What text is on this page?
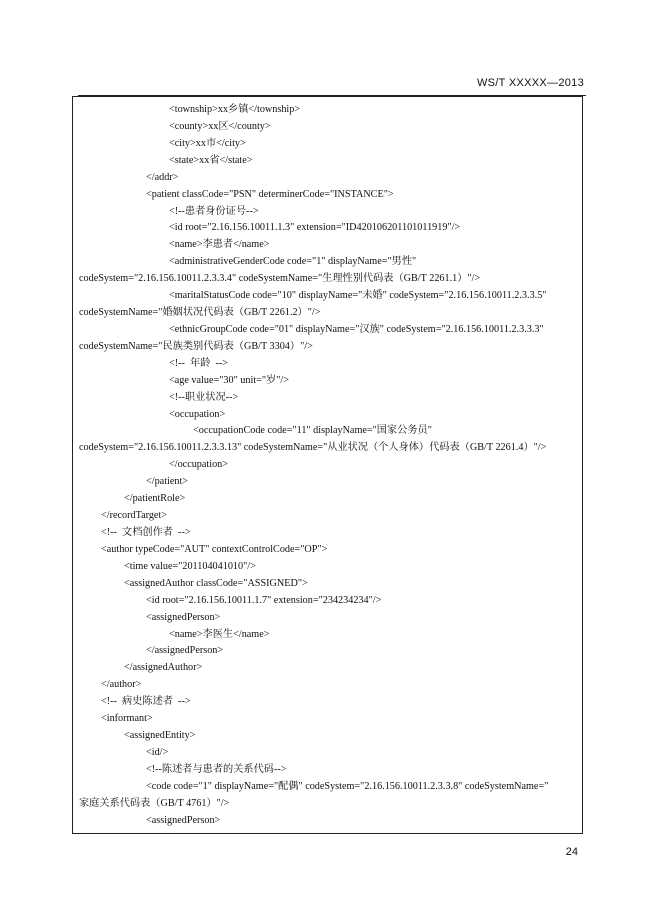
WS/T XXXXX—2013
<township>xx乡镇</township>
<county>xx区</county>
<city>xx市</city>
<state>xx省</state>
</addr>
<patient classCode="PSN" determinerCode="INSTANCE">
<!--患者身份证号-->
<id root="2.16.156.10011.1.3" extension="ID420106201101011919"/>
<name>李患者</name>
<administrativeGenderCode code="1" displayName="男性"
codeSystem="2.16.156.10011.2.3.3.4" codeSystemName="生理性别代码表（GB/T 2261.1）"/>
<maritalStatusCode code="10" displayName="未婚" codeSystem="2.16.156.10011.2.3.3.5"
codeSystemName="婚姻状况代码表（GB/T 2261.2）"/>
<ethnicGroupCode code="01" displayName="汉族" codeSystem="2.16.156.10011.2.3.3.3"
codeSystemName="民族类别代码表（GB/T 3304）"/>
<!--  年龄  -->
<age value="30" unit="岁"/>
<!--职业状况-->
<occupation>
<occupationCode code="11" displayName="国家公务员"
codeSystem="2.16.156.10011.2.3.3.13" codeSystemName="从业状况（个人身体）代码表（GB/T 2261.4）"/>
</occupation>
</patient>
</patientRole>
</recordTarget>
<!--  文档创作者  -->
<author typeCode="AUT" contextControlCode="OP">
<time value="201104041010"/>
<assignedAuthor classCode="ASSIGNED">
<id root="2.16.156.10011.1.7" extension="234234234"/>
<assignedPerson>
<name>李医生</name>
</assignedPerson>
</assignedAuthor>
</author>
<!--  病史陈述者  -->
<informant>
<assignedEntity>
<id/>
<!--陈述者与患者的关系代码-->
<code code="1" displayName="配偶" codeSystem="2.16.156.10011.2.3.3.8" codeSystemName="
家庭关系代码表（GB/T 4761）"/>
<assignedPerson>
24
